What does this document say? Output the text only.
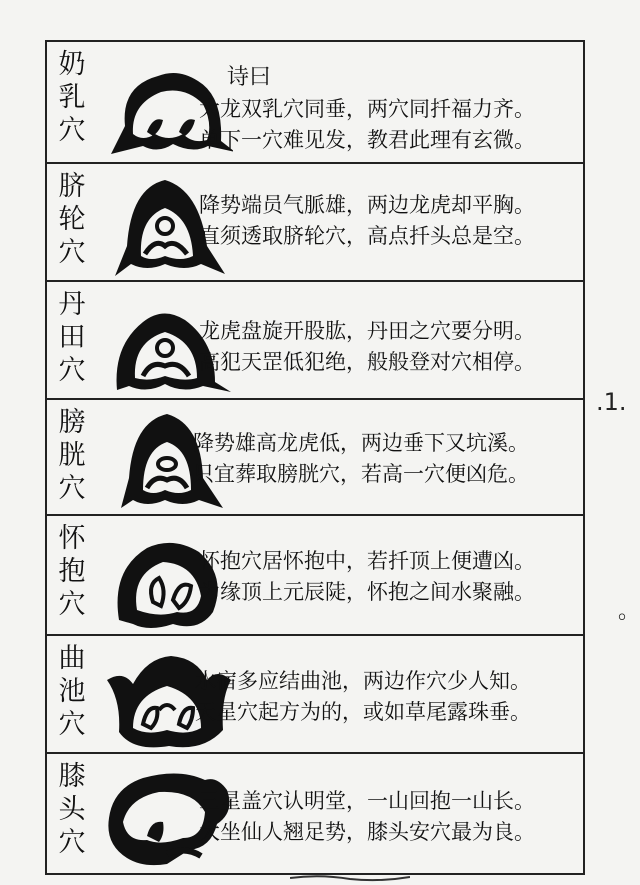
奶
乳
穴
诗曰
大龙双乳穴同垂，两穴同扦福力齐。
单下一穴难见发，教君此理有玄微。
脐
轮
穴
降势端员气脈雄，两边龙虎却平胸。
直须透取脐轮穴，高点扦头总是空。
丹
田
穴
龙虎盘旋开股肱，丹田之穴要分明。
高犯天罡低犯绝，般般登对穴相停。
膀
胱
穴
降势雄高龙虎低，两边垂下又坑溪。
只宜葬取膀胱穴，若高一穴便凶危。
怀
抱
穴
怀抱穴居怀抱中，若扦顶上便遭凶。
为缘顶上元辰陡，怀抱之间水聚融。
曲
池
穴
水宿多应结曲池，两边作穴少人知。
天星穴起方为的，或如草尾露珠垂。
膝
头
穴
三星盖穴认明堂，一山回抱一山长。
大坐仙人翘足势，膝头安穴最为良。
.1.
。
